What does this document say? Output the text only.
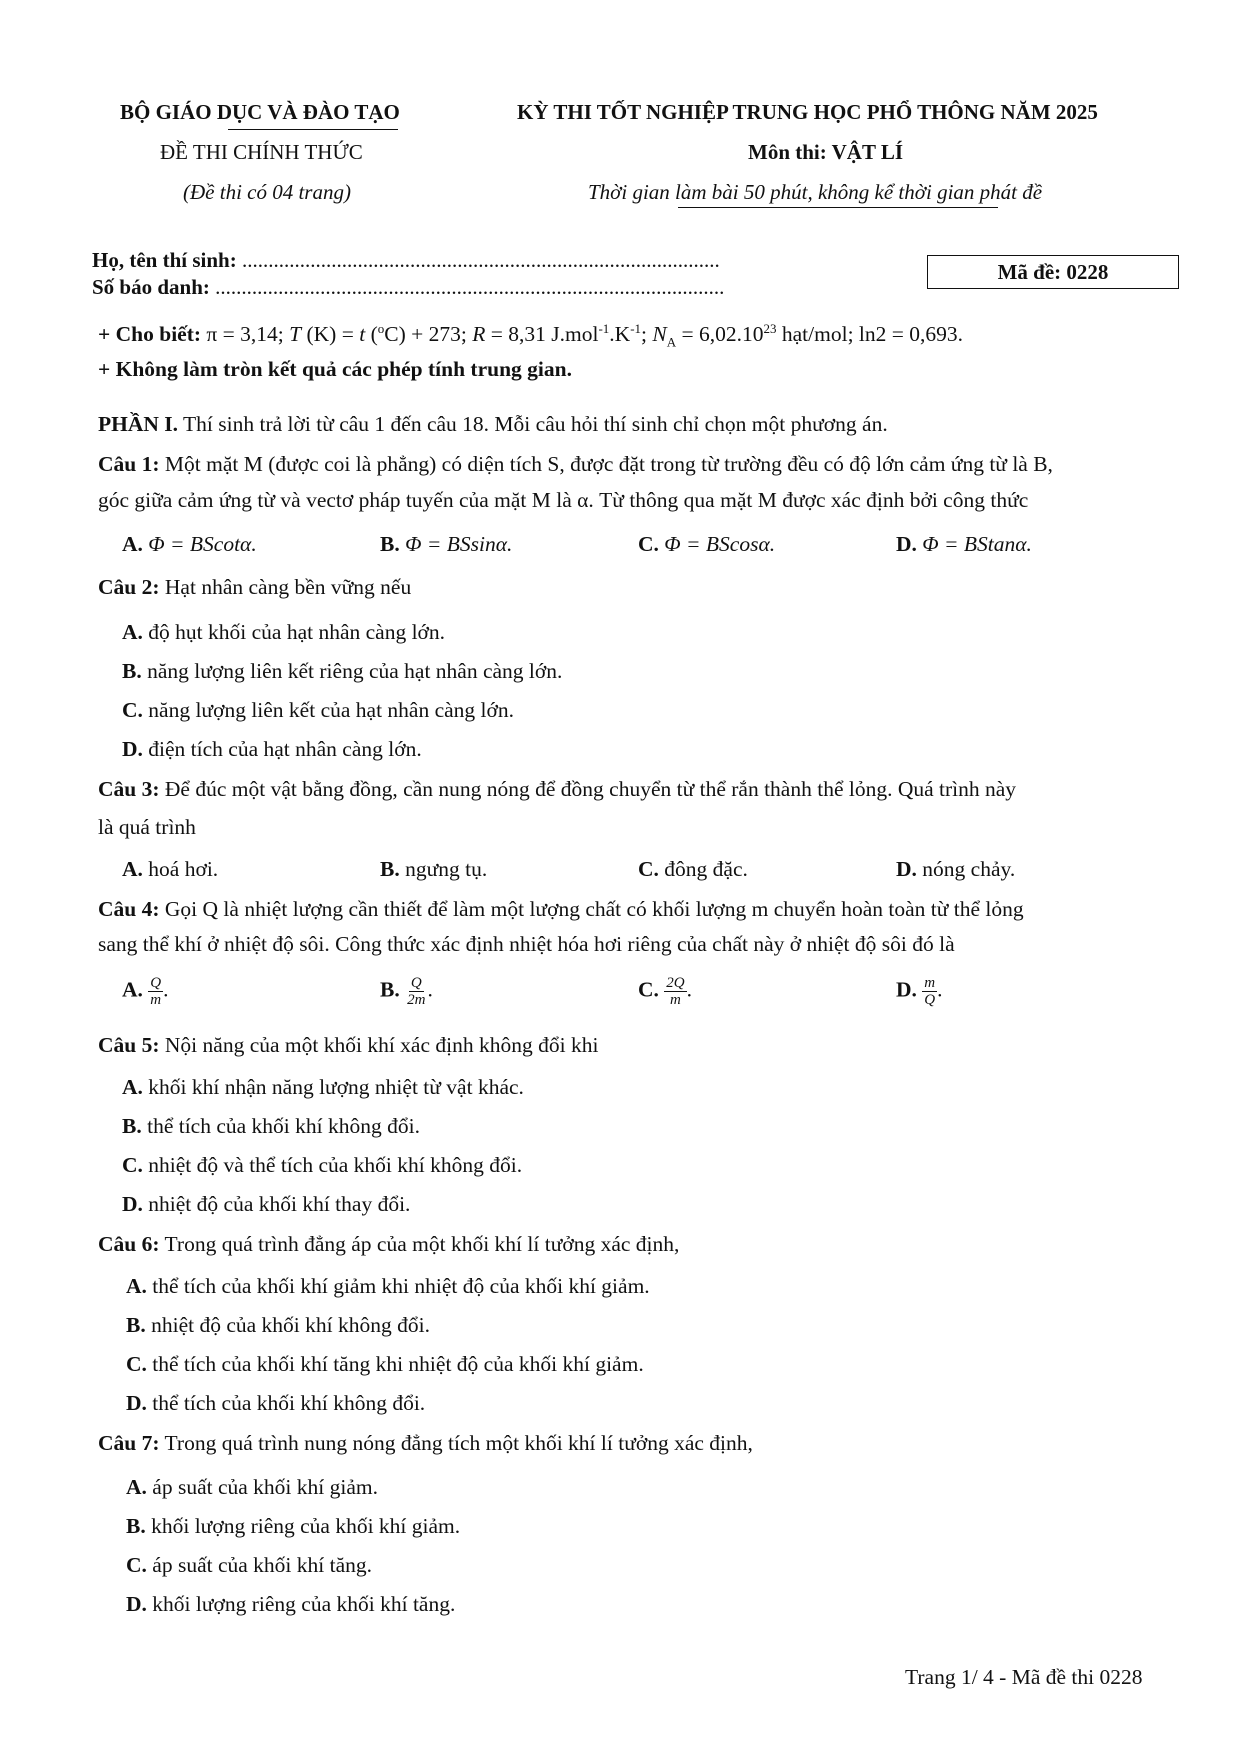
BỘ GIÁO DỤC VÀ ĐÀO TẠO
ĐỀ THI CHÍNH THỨC
(Đề thi có 04 trang)
KỲ THI TỐT NGHIỆP TRUNG HỌC PHỔ THÔNG NĂM 2025
Môn thi: VẬT LÍ
Thời gian làm bài 50 phút, không kể thời gian phát đề
Họ, tên thí sinh: ...........................................................................................
Số báo danh: .................................................................................................
Mã đề: 0228
+ Cho biết: π = 3,14; T (K) = t ($^o$C) + 273; R = 8,31 $J.mol^{-1}.K^{-1}$; $N_A = 6,02.10^{23}$ hạt/mol; ln2 = 0,693.
+ Không làm tròn kết quả các phép tính trung gian.
PHẦN I. Thí sinh trả lời từ câu 1 đến câu 18. Mỗi câu hỏi thí sinh chỉ chọn một phương án.
Câu 1: Một mặt M (được coi là phẳng) có diện tích S, được đặt trong từ trường đều có độ lớn cảm ứng từ là B,
góc giữa cảm ứng từ và vectơ pháp tuyến của mặt M là α. Từ thông qua mặt M được xác định bởi công thức
A. Φ = BScotα.	B. Φ = BSsinα.	C. Φ = BScosα.	D. Φ = BStanα.
Câu 2: Hạt nhân càng bền vững nếu
A. độ hụt khối của hạt nhân càng lớn.
B. năng lượng liên kết riêng của hạt nhân càng lớn.
C. năng lượng liên kết của hạt nhân càng lớn.
D. điện tích của hạt nhân càng lớn.
Câu 3: Để đúc một vật bằng đồng, cần nung nóng để đồng chuyển từ thể rắn thành thể lỏng. Quá trình này
là quá trình
A. hoá hơi.	B. ngưng tụ.	C. đông đặc.	D. nóng chảy.
Câu 4: Gọi Q là nhiệt lượng cần thiết để làm một lượng chất có khối lượng m chuyển hoàn toàn từ thể lỏng
sang thể khí ở nhiệt độ sôi. Công thức xác định nhiệt hóa hơi riêng của chất này ở nhiệt độ sôi đó là
A. $\frac{Q}{m}$ .	B. $\frac{Q}{2m}$ .	C. $\frac{2Q}{m}$ .	D. $\frac{m}{Q}$ .
Câu 5: Nội năng của một khối khí xác định không đổi khi
A. khối khí nhận năng lượng nhiệt từ vật khác.
B. thể tích của khối khí không đổi.
C. nhiệt độ và thể tích của khối khí không đổi.
D. nhiệt độ của khối khí thay đổi.
Câu 6: Trong quá trình đẳng áp của một khối khí lí tưởng xác định,
A. thể tích của khối khí giảm khi nhiệt độ của khối khí giảm.
B. nhiệt độ của khối khí không đổi.
C. thể tích của khối khí tăng khi nhiệt độ của khối khí giảm.
D. thể tích của khối khí không đổi.
Câu 7: Trong quá trình nung nóng đẳng tích một khối khí lí tưởng xác định,
A. áp suất của khối khí giảm.
B. khối lượng riêng của khối khí giảm.
C. áp suất của khối khí tăng.
D. khối lượng riêng của khối khí tăng.
Trang 1/ 4 - Mã đề thi 0228
